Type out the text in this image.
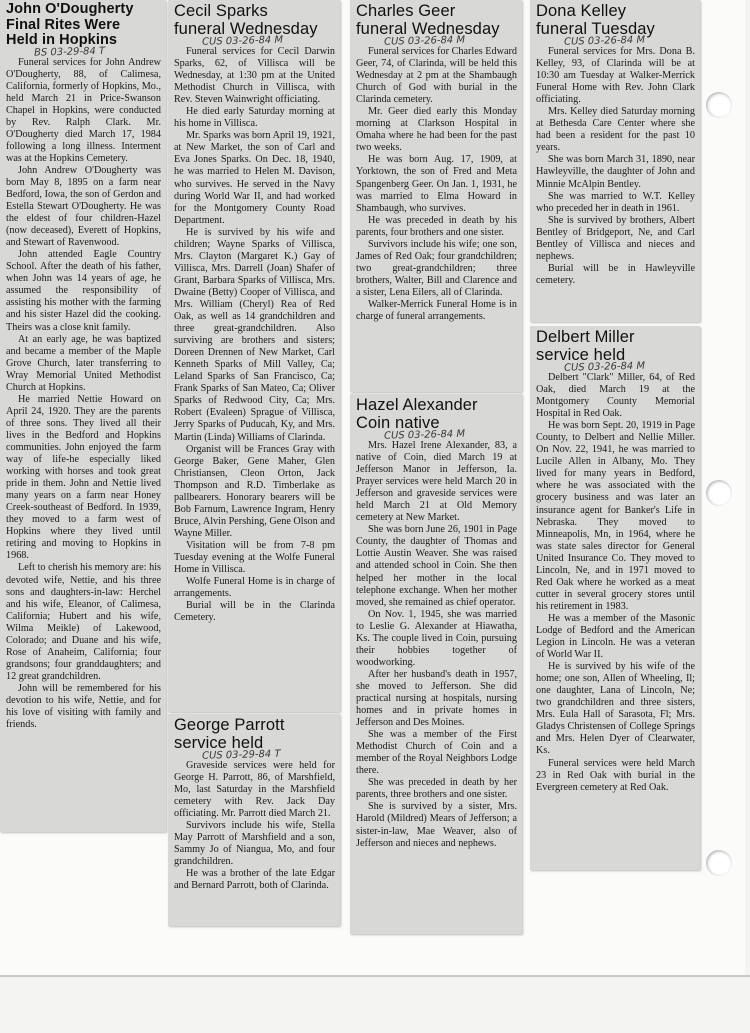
John O'Dougherty
Final Rites Were
Held in Hopkins
BS 03-29-84 T

Funeral services for John Andrew O'Dougherty, 88, of Calimesa, California, formerly of Hopkins, Mo., held March 21 in Price-Swanson Chapel in Hopkins, were conducted by Rev. Ralph Clark. Mr. O'Dougherty died March 17, 1984 following a long illness. Interment was at the Hopkins Cemetery.

John Andrew O'Dougherty was born May 8, 1895 on a farm near Bedford, Iowa, the son of Gerdon and Estella Stewart O'Dougherty. He was the eldest of four children-Hazel (now deceased), Everett of Hopkins, and Stewart of Ravenwood.

John attended Eagle Country School. After the death of his father, when John was 14 years of age, he assumed the responsibility of assisting his mother with the farming and his sister Hazel did the cooking. Theirs was a close knit family.

At an early age, he was baptized and became a member of the Maple Grove Church, later transferring to Wray Memorial United Methodist Church at Hopkins.

He married Nettie Howard on April 24, 1920. They are the parents of three sons. They lived all their lives in the Bedford and Hopkins communities. John enjoyed the farm way of life-he especially liked working with horses and took great pride in them. John and Nettie lived many years on a farm near Honey Creek-southeast of Bedford. In 1939, they moved to a farm west of Hopkins where they lived until retiring and moving to Hopkins in 1968.

Left to cherish his memory are: his devoted wife, Nettie, and his three sons and daughters-in-law: Herchel and his wife, Eleanor, of Calimesa, California; Hubert and his wife, Wilma Meikle) of Lakewood, Colorado; and Duane and his wife, Rose of Anaheim, California; four grandsons; four granddaughters; and 12 great grandchildren.

John will be remembered for his devotion to his wife, Nettie, and for his love of visiting with family and friends.

Cecil Sparks
funeral Wednesday
CUS 03-26-84 M

Funeral services for Cecil Darwin Sparks, 62, of Villisca will be Wednesday, at 1:30 pm at the United Methodist Church in Villisca, with Rev. Steven Wainwright officiating.

He died early Saturday morning at his home in Villisca.

Mr. Sparks was born April 19, 1921, at New Market, the son of Carl and Eva Jones Sparks. On Dec. 18, 1940, he was married to Helen M. Davison, who survives. He served in the Navy during World War II, and had worked for the Montgomery County Road Department.

He is survived by his wife and children; Wayne Sparks of Villisca, Mrs. Clayton (Margaret K.) Gay of Villisca, Mrs. Darrell (Joan) Shafer of Grant, Barbara Sparks of Villisca, Mrs. Dwaine (Betty) Cooper of Villisca, and Mrs. William (Cheryl) Rea of Red Oak, as well as 14 grandchildren and three great-grandchildren. Also surviving are brothers and sisters; Doreen Drennen of New Market, Carl Kenneth Sparks of Mill Valley, Ca; Leland Sparks of San Francisco, Ca; Frank Sparks of San Mateo, Ca; Oliver Sparks of Redwood City, Ca; Mrs. Robert (Evaleen) Sprague of Villisca, Jerry Sparks of Puducah, Ky, and Mrs. Martin (Linda) Williams of Clarinda.

Organist will be Frances Gray with George Baker, Gene Maher, Glen Christiansen, Cleon Orton, Jack Thompson and R.D. Timberlake as pallbearers. Honorary bearers will be Bob Farnum, Lawrence Ingram, Henry Bruce, Alvin Pershing, Gene Olson and Wayne Miller.

Visitation will be from 7-8 pm Tuesday evening at the Wolfe Funeral Home in Villisca.

Wolfe Funeral Home is in charge of arrangements.

Burial will be in the Clarinda Cemetery.

George Parrott
service held
CUS 03-29-84 T

Graveside services were held for George H. Parrott, 86, of Marshfield, Mo, last Saturday in the Marshfield cemetery with Rev. Jack Day officiating. Mr. Parrott died March 21.

Survivors include his wife, Stella May Parrott of Marshfield and a son, Sammy Jo of Niangua, Mo, and four grandchildren.

He was a brother of the late Edgar and Bernard Parrott, both of Clarinda.

Charles Geer
funeral Wednesday
CUS 03-26-84 M

Funeral services for Charles Edward Geer, 74, of Clarinda, will be held this Wednesday at 2 pm at the Shambaugh Church of God with burial in the Clarinda cemetery.

Mr. Geer died early this Monday morning at Clarkson Hospital in Omaha where he had been for the past two weeks.

He was born Aug. 17, 1909, at Yorktown, the son of Fred and Meta Spangenberg Geer. On Jan. 1, 1931, he was married to Elma Howard in Shambaugh, who survives.

He was preceded in death by his parents, four brothers and one sister.

Survivors include his wife; one son, James of Red Oak; four grandchildren; two great-grandchildren; three brothers, Walter, Bill and Clarence and a sister, Lena Eilers, all of Clarinda.

Walker-Merrick Funeral Home is in charge of funeral arrangements.

Hazel Alexander
Coin native
CUS 03-26-84 M

Mrs. Hazel Irene Alexander, 83, a native of Coin, died March 19 at Jefferson Manor in Jefferson, Ia. Prayer services were held March 20 in Jefferson and graveside services were held March 21 at Old Memory cemetery at New Market.

She was born June 26, 1901 in Page County, the daughter of Thomas and Lottie Austin Weaver. She was raised and attended school in Coin. She then helped her mother in the local telephone exchange. When her mother moved, she remained as chief operator.

On Nov. 1, 1945, she was married to Leslie G. Alexander at Hiawatha, Ks. The couple lived in Coin, pursuing their hobbies together of woodworking.

After her husband's death in 1957, she moved to Jefferson. She did practical nursing at hospitals, nursing homes and in private homes in Jefferson and Des Moines.

She was a member of the First Methodist Church of Coin and a member of the Royal Neighbors Lodge there.

She was preceded in death by her parents, three brothers and one sister.

She is survived by a sister, Mrs. Harold (Mildred) Mears of Jefferson; a sister-in-law, Mae Weaver, also of Jefferson and nieces and nephews.

Dona Kelley
funeral Tuesday
CUS 03-26-84 M

Funeral services for Mrs. Dona B. Kelley, 93, of Clarinda will be at 10:30 am Tuesday at Walker-Merrick Funeral Home with Rev. John Clark officiating.

Mrs. Kelley died Saturday morning at Bethesda Care Center where she had been a resident for the past 10 years.

She was born March 31, 1890, near Hawleyville, the daughter of John and Minnie McAlpin Bentley.

She was married to W.T. Kelley who preceded her in death in 1961.

She is survived by brothers, Albert Bentley of Bridgeport, Ne, and Carl Bentley of Villisca and nieces and nephews.

Burial will be in Hawleyville cemetery.

Delbert Miller
service held
CUS 03-26-84 M

Delbert "Clark" Miller, 64, of Red Oak, died March 19 at the Montgomery County Memorial Hospital in Red Oak.

He was born Sept. 20, 1919 in Page County, to Delbert and Nellie Miller. On Nov. 22, 1941, he was married to Lucile Allen in Albany, Mo. They lived for many years in Bedford, where he was associated with the grocery business and was later an insurance agent for Banker's Life in Nebraska. They moved to Minneapolis, Mn, in 1964, where he was state sales director for General United Insurance Co. They moved to Lincoln, Ne, and in 1971 moved to Red Oak where he worked as a meat cutter in several grocery stores until his retirement in 1983.

He was a member of the Masonic Lodge of Bedford and the American Legion in Lincoln. He was a veteran of World War II.

He is survived by his wife of the home; one son, Allen of Wheeling, Il; one daughter, Lana of Lincoln, Ne; two grandchildren and three sisters, Mrs. Eula Hall of Sarasota, Fl; Mrs. Gladys Christensen of College Springs and Mrs. Helen Dyer of Clearwater, Ks.

Funeral services were held March 23 in Red Oak with burial in the Evergreen cemetery at Red Oak.
